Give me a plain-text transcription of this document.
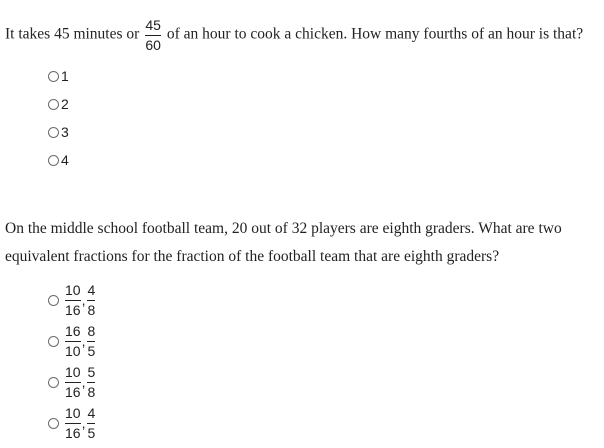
It takes 45 minutes or $\frac{45}{60}$ of an hour to cook a chicken. How many fourths of an hour is that?
1
2
3
4
On the middle school football team, 20 out of 32 players are eighth graders. What are two
equivalent fractions for the fraction of the football team that are eighth graders?
$\frac{10}{16}$ , $\frac{4}{8}$
$\frac{16}{10}$ , $\frac{8}{5}$
$\frac{10}{16}$ , $\frac{5}{8}$
$\frac{10}{16}$ , $\frac{4}{5}$
